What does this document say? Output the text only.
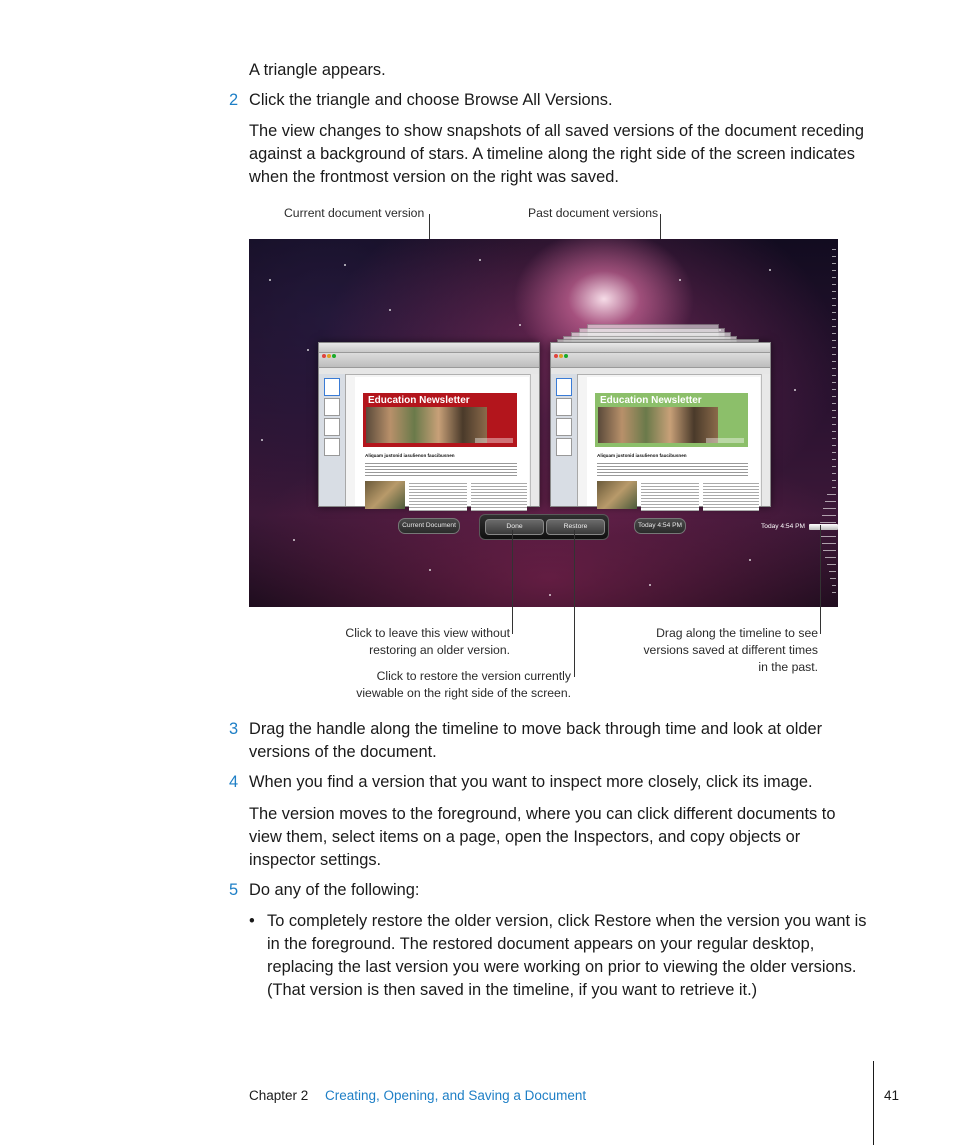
A triangle appears.

2 Click the triangle and choose Browse All Versions.

The view changes to show snapshots of all saved versions of the document receding against a background of stars. A timeline along the right side of the screen indicates when the frontmost version on the right was saved.

Current document version	Past document versions
Education Newsletter
Aliquam justonid iasulienon faucibusnen
Education Newsletter
Aliquam justonid iasulienon faucibusnen
Current Document	Done	Restore	Today 4:54 PM	Today 4:54 PM
Click to leave this view without restoring an older version.
Click to restore the version currently viewable on the right side of the screen.
Drag along the timeline to see versions saved at different times in the past.
3 Drag the handle along the timeline to move back through time and look at older versions of the document.

4 When you find a version that you want to inspect more closely, click its image.

The version moves to the foreground, where you can click different documents to view them, select items on a page, open the Inspectors, and copy objects or inspector settings.

5 Do any of the following:

• To completely restore the older version, click Restore when the version you want is in the foreground. The restored document appears on your regular desktop, replacing the last version you were working on prior to viewing the older versions. (That version is then saved in the timeline, if you want to retrieve it.)

Chapter 2 Creating, Opening, and Saving a Document	41
